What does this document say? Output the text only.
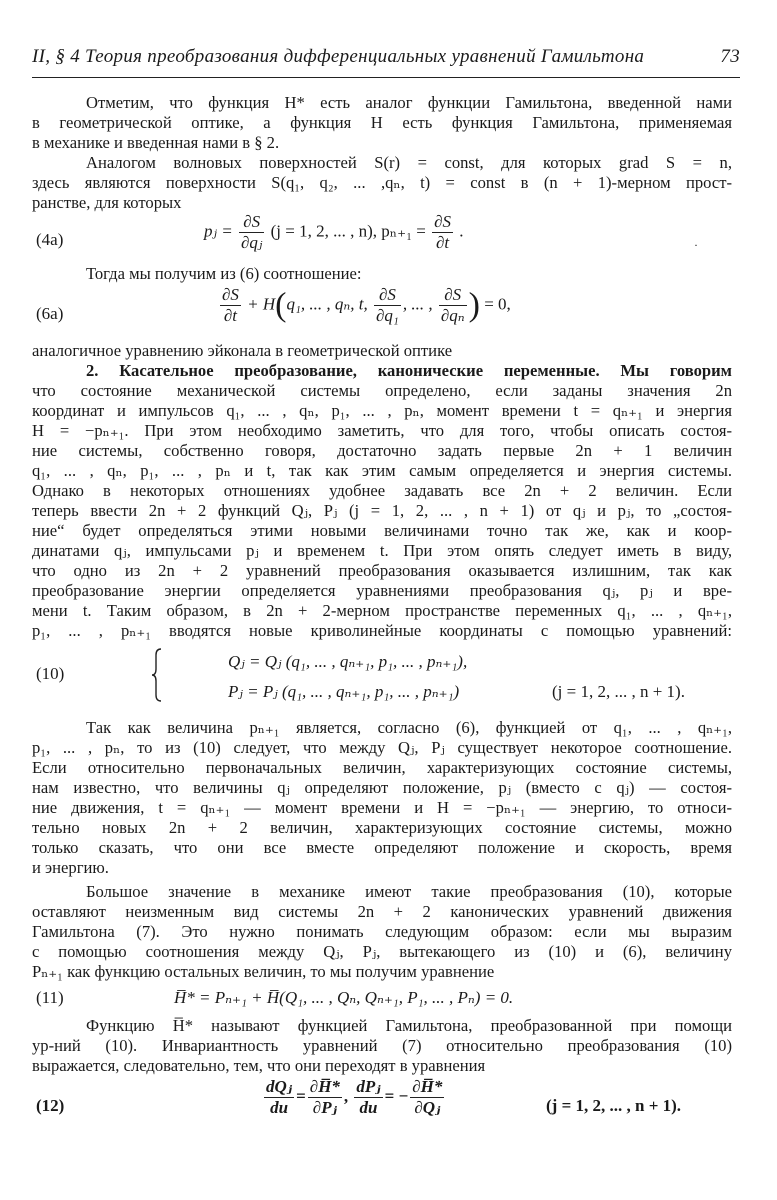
II, § 4 Теория преобразования дифференциальных уравнений Гамильтона	73
Отметим, что функция H* есть аналог функции Гамильтона, введенной нами
в геометрической оптике, а функция H есть функция Гамильтона, применяемая
в механике и введенная нами в § 2.
Аналогом волновых поверхностей S(r) = const, для которых grad S = n,
здесь являются поверхности S(q₁, q₂, ... ,qₙ, t) = const в (n + 1)-мерном прост-
ранстве, для которых
(4a)	pⱼ = $\frac{\partial S}{\text{∂qⱼ}} (j = 1$, 2, ... , n), $p_{n+1} = \frac{\partial S}{\partial t}$ .
·
Тогда мы получим из (6) соотношение:
(6a)	$\frac{\partial S}{\partial t} + H(q_1$, ... , qₙ, t, $\frac{\partial S}{\text{∂q₁}}$ , ... , $\frac{\partial S}{\text{∂qₙ}}$ ) = 0,
аналогичное уравнению эйконала в геометрической оптике
2. Касательное преобразование, канонические переменные. Мы говорим
что состояние механической системы определено, если заданы значения 2n
координат и импульсов q₁, ... , qₙ, p₁, ... , pₙ, момент времени t = qₙ₊₁ и энергия
H = −pₙ₊₁. При этом необходимо заметить, что для того, чтобы описать состоя-
ние системы, собственно говоря, достаточно задать первые 2n + 1 величин
q₁, ... , qₙ, p₁, ... , pₙ и t, так как этим самым определяется и энергия системы.
Однако в некоторых отношениях удобнее задавать все 2n + 2 величин. Если
теперь ввести 2n + 2 функций Qⱼ, Pⱼ (j = 1, 2, ... , n + 1) от qⱼ и pⱼ, то „состоя-
ние“ будет определяться этими новыми величинами точно так же, как и коор-
динатами qⱼ, импульсами pⱼ и временем t. При этом опять следует иметь в виду,
что одно из 2n + 2 уравнений преобразования оказывается излишним, так как
преобразование энергии определяется уравнениями преобразования qⱼ, pⱼ и вре-
мени t. Таким образом, в 2n + 2-мерном пространстве переменных q₁, ... , qₙ₊₁,
p₁, ... , pₙ₊₁ вводятся новые криволинейные координаты с помощью уравнений:
(10)
Qⱼ = Qⱼ (q₁, ... , qₙ₊₁, p₁, ... , pₙ₊₁),
Pⱼ = Pⱼ (q₁, ... , qₙ₊₁, p₁, ... , pₙ₊₁)	(j = 1, 2, ... , n + 1).
Так как величина pₙ₊₁ является, согласно (6), функцией от q₁, ... , qₙ₊₁,
p₁, ... , pₙ, то из (10) следует, что между Qⱼ, Pⱼ существует некоторое соотношение.
Если относительно первоначальных величин, характеризующих состояние системы,
нам известно, что величины qⱼ определяют положение, pⱼ (вместо с qⱼ) — состоя-
ние движения, t = qₙ₊₁ — момент времени и H = −pₙ₊₁ — энергию, то относи-
тельно новых 2n + 2 величин, характеризующих состояние системы, можно
только сказать, что они все вместе определяют положение и скорость, время
и энергию.
Большое значение в механике имеют такие преобразования (10), которые
оставляют неизменным вид системы 2n + 2 канонических уравнений движения
Гамильтона (7). Это нужно понимать следующим образом: если мы выразим
с помощью соотношения между Qⱼ, Pⱼ, вытекающего из (10) и (6), величину
Pₙ₊₁ как функцию остальных величин, то мы получим уравнение
(11)	H̅* = Pₙ₊₁ + H̅(Q₁, ... , Qₙ, Qₙ₊₁, P₁, ... , Pₙ) = 0.
Функцию H̅* называют функцией Гамильтона, преобразованной при помощи
ур-ний (10). Инвариантность уравнений (7) относительно преобразования (10)
выражается, следовательно, тем, что они переходят в уравнения
(12)	$\frac{\text{dQⱼ}}{du} = \frac{\partial H̅*}{\text{∂Pⱼ}}$ , $\frac{\text{dPⱼ}}{du}$ = − $\frac{\partial H̅*}{\text{∂Qⱼ}}$	(j = 1, 2, ... , n + 1).
